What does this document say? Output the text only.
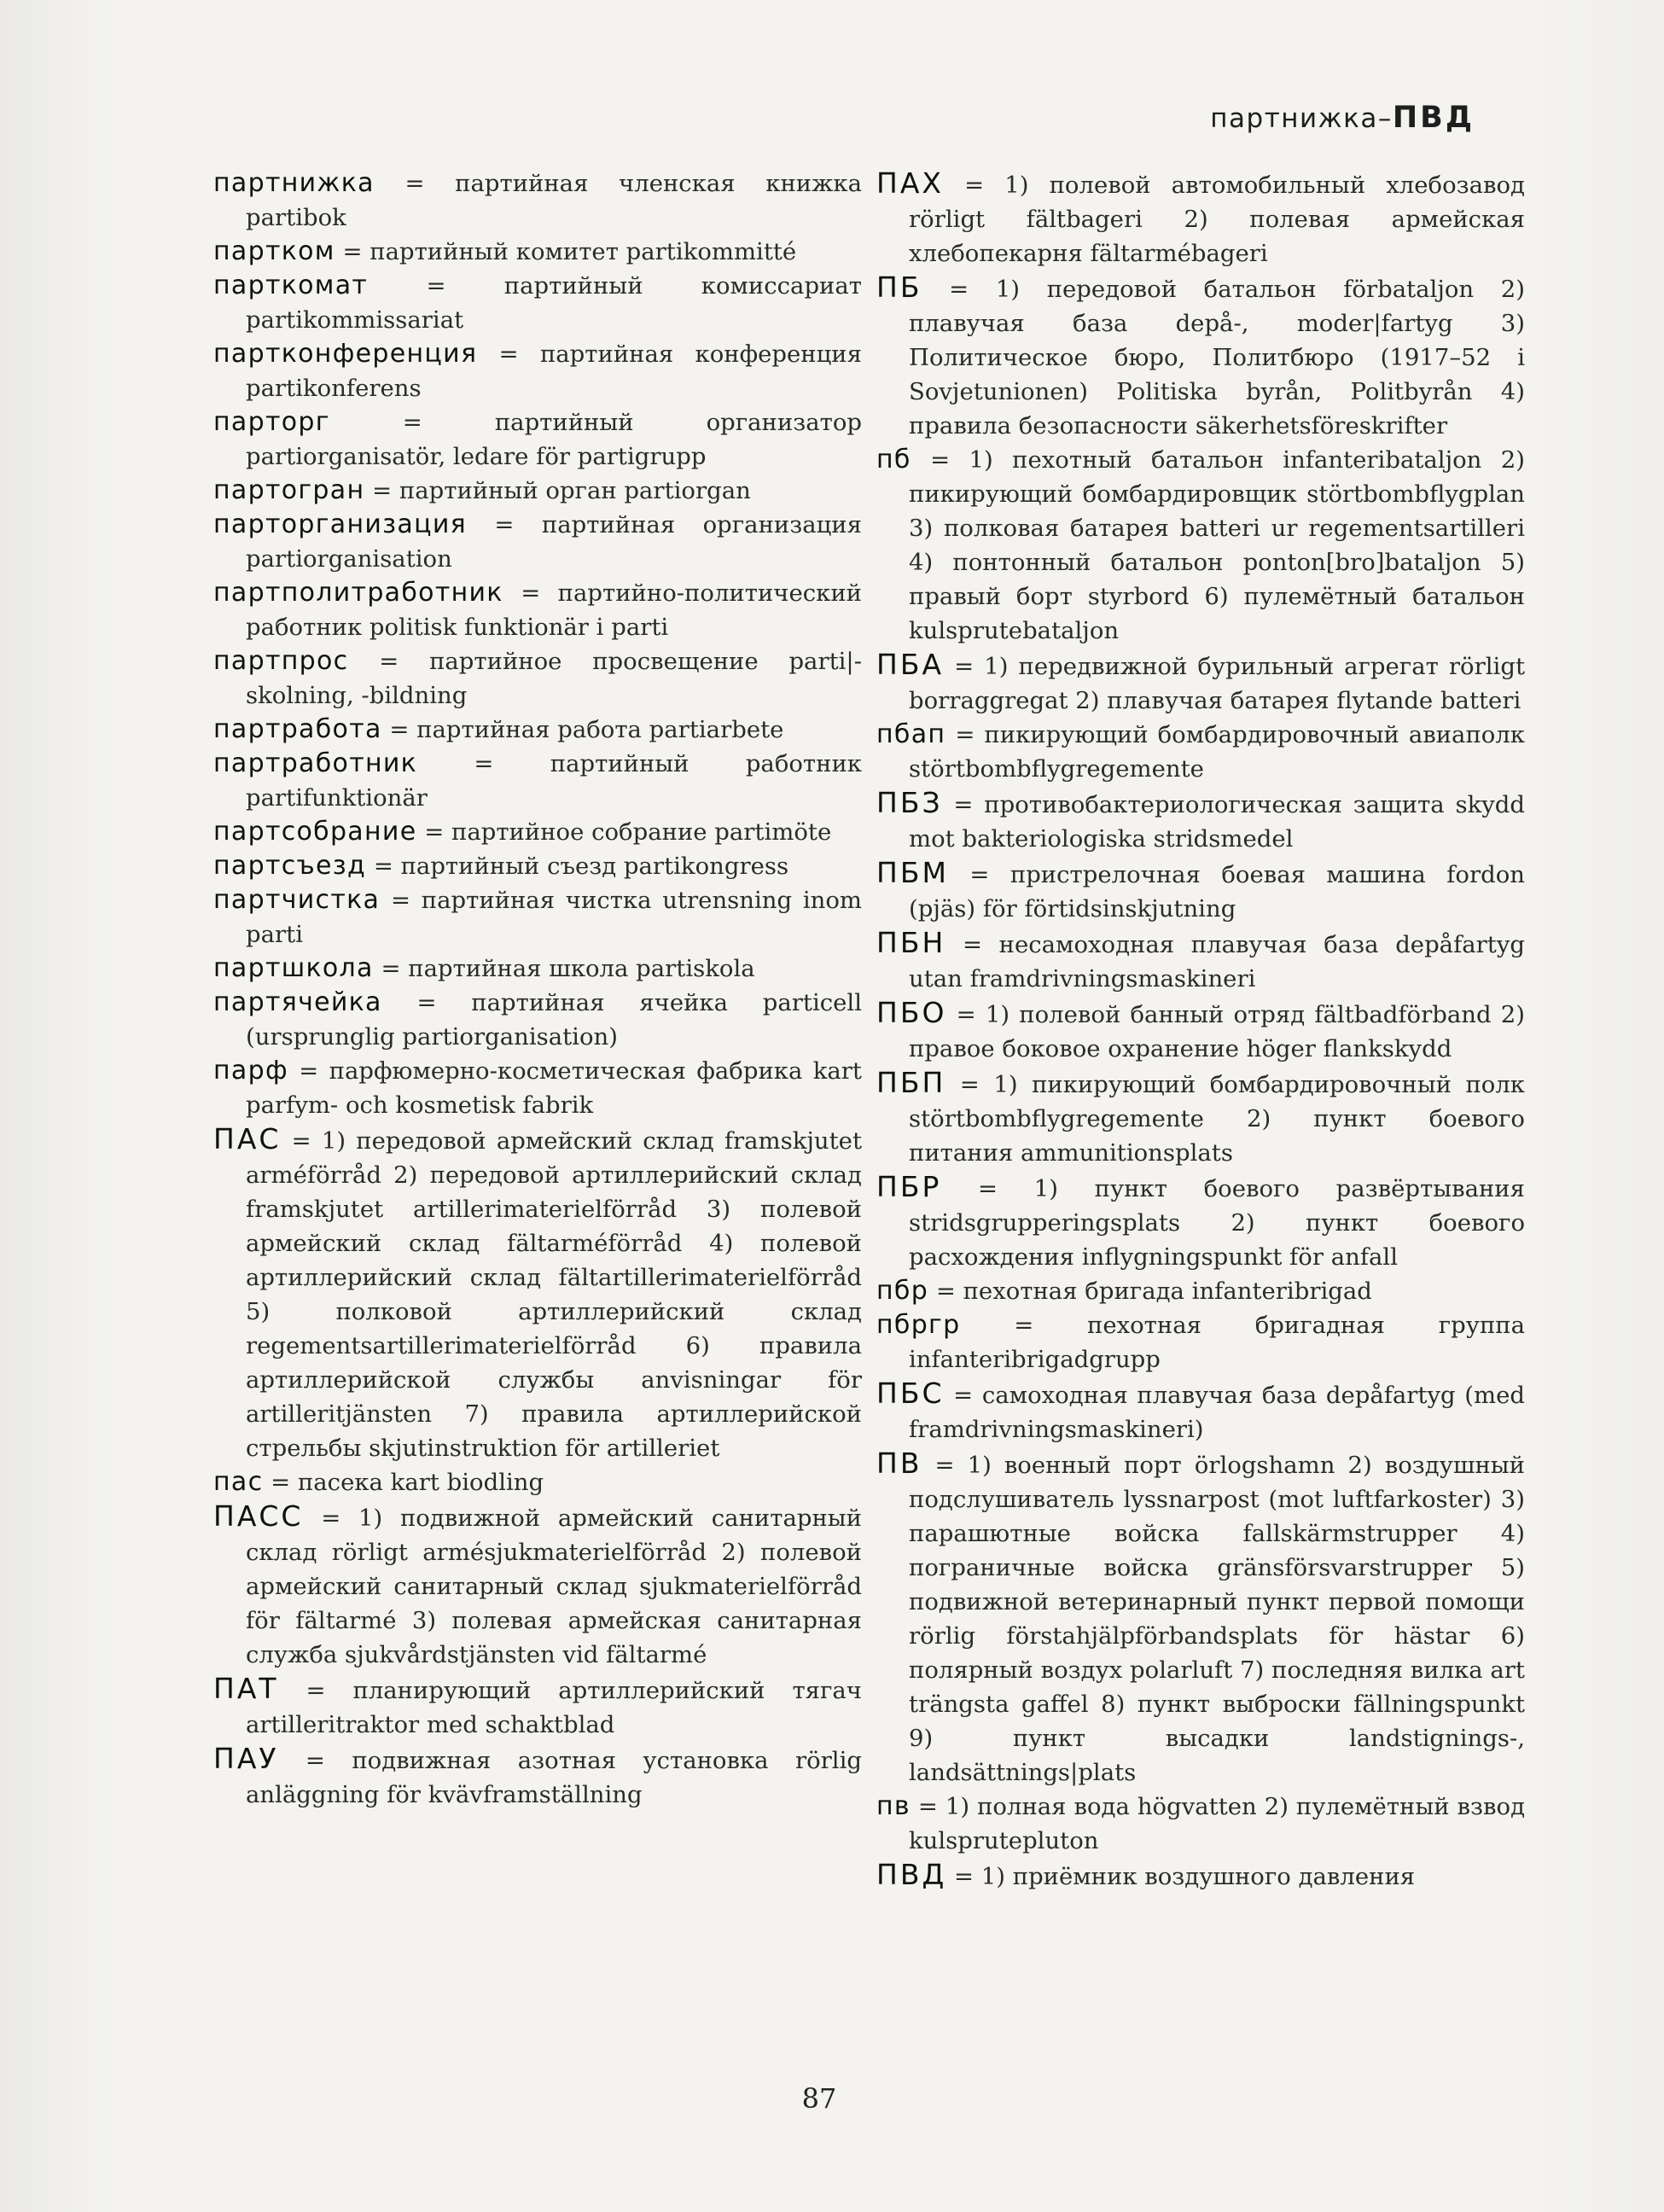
партнижка–ПВД

партнижка = партийная членская книжка partibok

партком = партийный комитет partikommitté

парткомат = партийный комиссариат partikommissariat

партконференция = партийная конференция partikonferens

парторг	= партийный организатор partiorganisatör, ledare för partigrupp

партогран = партийный орган partiorgan

парторганизация = партийная организация partiorganisation

партполитработник = партийно-политический работник politisk funktionär i parti

партпрос = партийное просвещение parti|-skolning, -bildning

партработа = партийная работа partiarbete

партработник = партийный работник partifunktionär

партсобрание = партийное собрание partimöte

партсъезд = партийный съезд partikongress

партчистка = партийная чистка utrensning inom parti

партшкола = партийная школа partiskola

партячейка = партийная ячейка particell (ursprunglig partiorganisation)

парф = парфюмерно-косметическая фабрика kart parfym- och kosmetisk fabrik

ПАС = 1) передовой армейский склад framskjutet arméförråd 2) передовой артиллерийский склад framskjutet artillerimaterielförråd 3) полевой армейский склад fältarméförråd 4) полевой артиллерийский склад fältartillerimaterielförråd 5) полковой артиллерийский склад regementsartillerimaterielförråd 6) правила артиллерийской службы anvisningar för artilleritjänsten 7) правила артиллерийской стрельбы skjutinstruktion för artilleriet

пас = пасека kart biodling

ПАСС = 1) подвижной армейский санитарный склад rörligt armésjukmaterielförråd 2) полевой армейский санитарный склад sjukmaterielförråd för fältarmé 3) полевая армейская санитарная служба sjukvårdstjänsten vid fältarmé

ПАТ = планирующий артиллерийский тягач artilleritraktor med schaktblad

ПАУ = подвижная азотная установка rörlig anläggning för kvävframställning

ПАХ = 1) полевой автомобильный хлебозавод rörligt fältbageri 2) полевая армейская хлебопекарня fältarmébageri

ПБ = 1) передовой батальон förbataljon 2) плавучая база depå-, moder|fartyg 3) Политическое бюро, Политбюро (1917–52 i Sovjetunionen) Politiska byrån, Politbyrån 4) правила безопасности säkerhetsföreskrifter

пб = 1) пехотный батальон infanteribataljon 2) пикирующий бомбардировщик störtbombflygplan 3) полковая батарея batteri ur regementsartilleri 4) понтонный батальон ponton[bro]bataljon 5) правый борт styrbord 6) пулемётный батальон kulsprutebataljon

ПБА = 1) передвижной бурильный агрегат rörligt borraggregat 2) плавучая батарея flytande batteri

пбап = пикирующий бомбардировочный авиаполк störtbombflygregemente

ПБЗ = противобактериологическая защита skydd mot bakteriologiska stridsmedel

ПБМ = пристрелочная боевая машина fordon (pjäs) för förtidsinskjutning

ПБН = несамоходная плавучая база depåfartyg utan framdrivningsmaskineri

ПБО = 1) полевой банный отряд fältbadförband 2) правое боковое охранение höger flankskydd

ПБП = 1) пикирующий бомбардировочный полк störtbombflygregemente 2) пункт боевого питания ammunitionsplats

ПБР = 1) пункт боевого развёртывания stridsgrupperingsplats 2) пункт боевого расхождения inflygningspunkt för anfall

пбр = пехотная бригада infanteribrigad

пбргр = пехотная бригадная группа infanteribrigadgrupp

ПБС = самоходная плавучая база depåfartyg (med framdrivningsmaskineri)

ПВ = 1) военный порт örlogshamn 2) воздушный подслушиватель lyssnarpost (mot luftfarkoster) 3) парашютные войска fallskärmstrupper 4) пограничные войска gränsförsvarstrupper 5) подвижной ветеринарный пункт первой помощи rörlig förstahjälpförbandsplats för hästar 6) полярный воздух polarluft 7) последняя вилка art trängsta gaffel 8) пункт выброски fällningspunkt 9) пункт высадки landstignings-, landsättnings|plats

пв = 1) полная вода högvatten 2) пулемётный взвод kulsprutepluton

ПВД = 1) приёмник воздушного давления

87
